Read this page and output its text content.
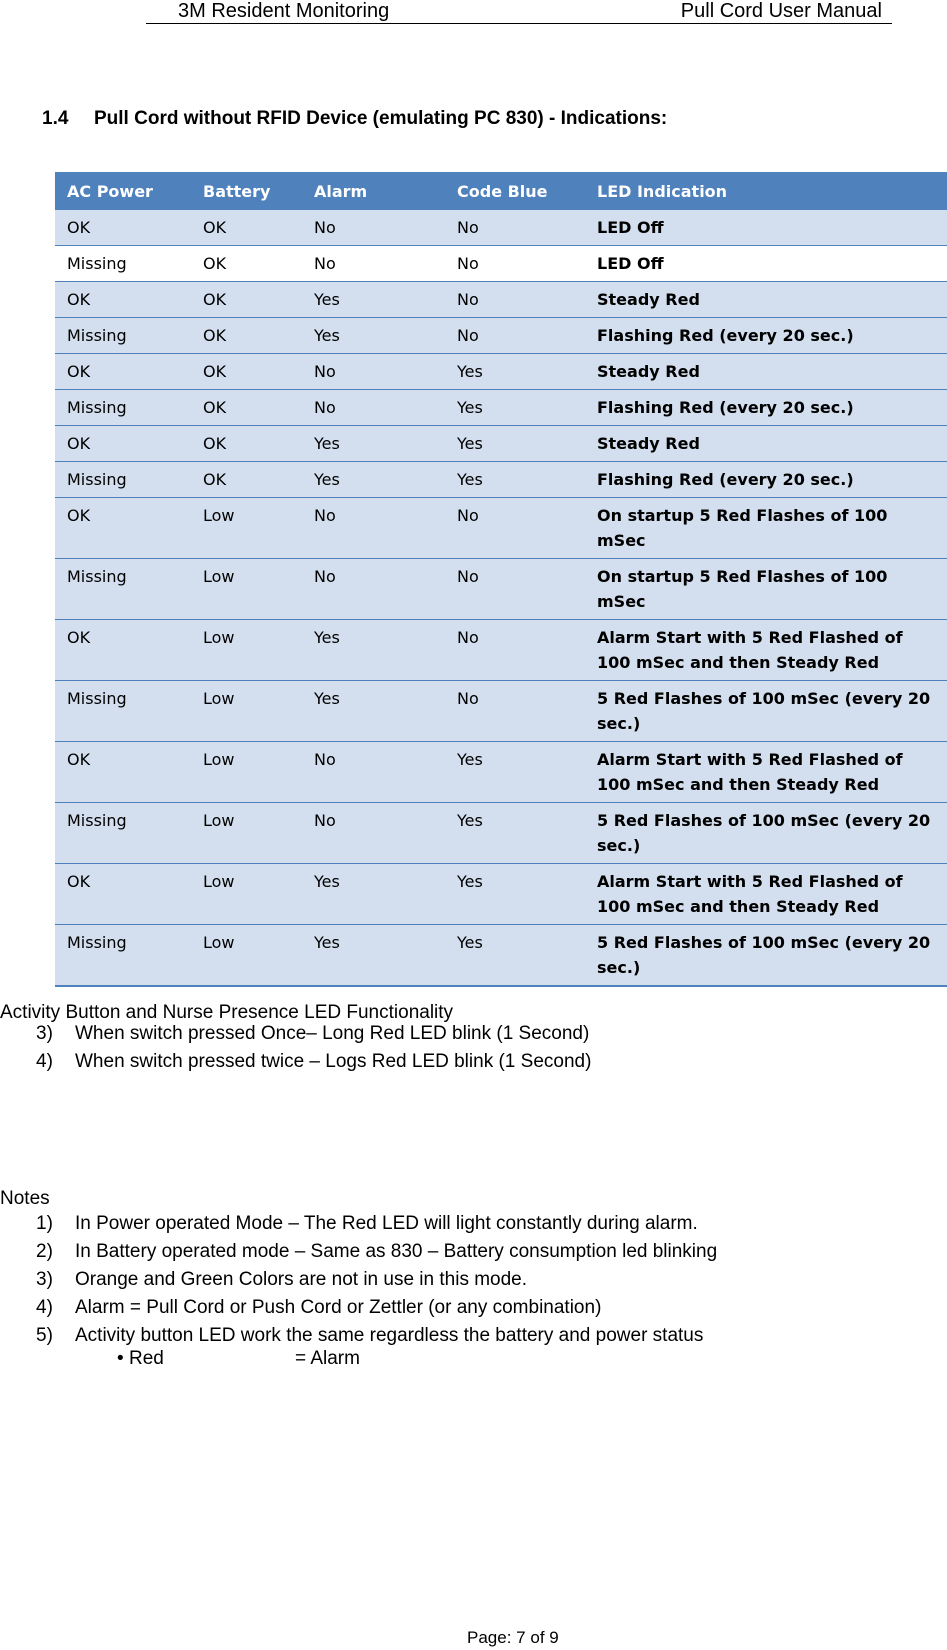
3M Resident Monitoring	Pull Cord User Manual
1.4 Pull Cord without RFID Device (emulating PC 830) - Indications:
AC Power	Battery	Alarm	Code Blue	LED Indication
OK	OK	No	No	LED Off
Missing	OK	No	No	LED Off
OK	OK	Yes	No	Steady Red
Missing	OK	Yes	No	Flashing Red (every 20 sec.)
OK	OK	No	Yes	Steady Red
Missing	OK	No	Yes	Flashing Red (every 20 sec.)
OK	OK	Yes	Yes	Steady Red
Missing	OK	Yes	Yes	Flashing Red (every 20 sec.)
OK	Low	No	No	On startup 5 Red Flashes of 100 mSec
Missing	Low	No	No	On startup 5 Red Flashes of 100 mSec
OK	Low	Yes	No	Alarm Start with 5 Red Flashed of 100 mSec and then Steady Red
Missing	Low	Yes	No	5 Red Flashes of 100 mSec (every 20 sec.)
OK	Low	No	Yes	Alarm Start with 5 Red Flashed of 100 mSec and then Steady Red
Missing	Low	No	Yes	5 Red Flashes of 100 mSec (every 20 sec.)
OK	Low	Yes	Yes	Alarm Start with 5 Red Flashed of 100 mSec and then Steady Red
Missing	Low	Yes	Yes	5 Red Flashes of 100 mSec (every 20 sec.)
Activity Button and Nurse Presence LED Functionality
3) When switch pressed Once– Long Red LED blink (1 Second)
4) When switch pressed twice – Logs Red LED blink (1 Second)
Notes
1) In Power operated Mode – The Red LED will light constantly during alarm.
2) In Battery operated mode – Same as 830 – Battery consumption led blinking
3) Orange and Green Colors are not in use in this mode.
4) Alarm = Pull Cord or Push Cord or Zettler (or any combination)
5) Activity button LED work the same regardless the battery and power status
• Red	= Alarm
Page: 7 of 9
